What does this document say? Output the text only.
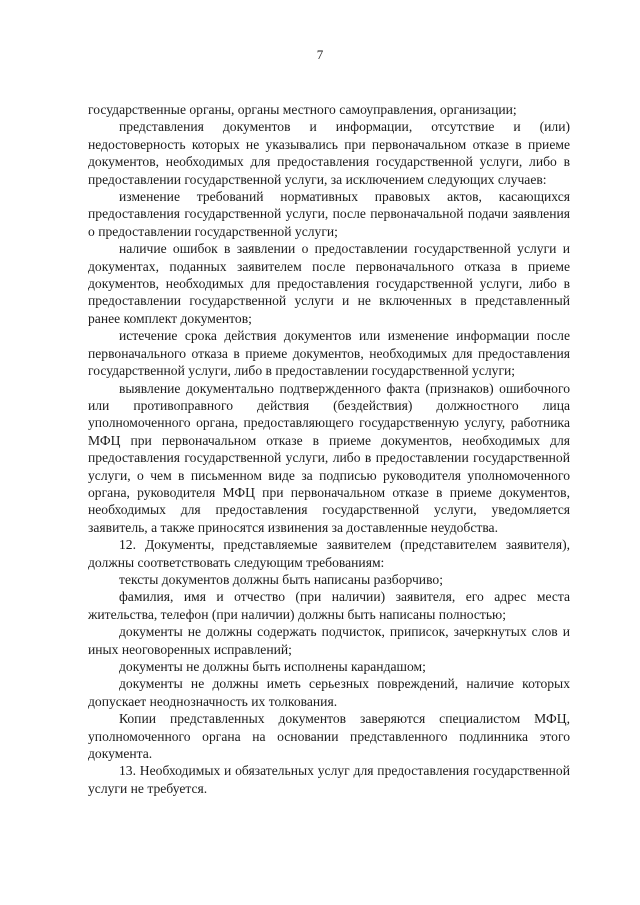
7

государственные органы, органы местного самоуправления, организации;

представления документов и информации, отсутствие и (или) недостоверность которых не указывались при первоначальном отказе в приеме документов, необходимых для предоставления государственной услуги, либо в предоставлении государственной услуги, за исключением следующих случаев:

изменение требований нормативных правовых актов, касающихся предоставления государственной услуги, после первоначальной подачи заявления о предоставлении государственной услуги;

наличие ошибок в заявлении о предоставлении государственной услуги и документах, поданных заявителем после первоначального отказа в приеме документов, необходимых для предоставления государственной услуги, либо в предоставлении государственной услуги и не включенных в представленный ранее комплект документов;

истечение срока действия документов или изменение информации после первоначального отказа в приеме документов, необходимых для предоставления государственной услуги, либо в предоставлении государственной услуги;

выявление документально подтвержденного факта (признаков) ошибочного или противоправного действия (бездействия) должностного лица уполномоченного органа, предоставляющего государственную услугу, работника МФЦ при первоначальном отказе в приеме документов, необходимых для предоставления государственной услуги, либо в предоставлении государственной услуги, о чем в письменном виде за подписью руководителя уполномоченного органа, руководителя МФЦ при первоначальном отказе в приеме документов, необходимых для предоставления государственной услуги, уведомляется заявитель, а также приносятся извинения за доставленные неудобства.

12. Документы, представляемые заявителем (представителем заявителя), должны соответствовать следующим требованиям:

тексты документов должны быть написаны разборчиво;

фамилия, имя и отчество (при наличии) заявителя, его адрес места жительства, телефон (при наличии) должны быть написаны полностью;

документы не должны содержать подчисток, приписок, зачеркнутых слов и иных неоговоренных исправлений;

документы не должны быть исполнены карандашом;

документы не должны иметь серьезных повреждений, наличие которых допускает неоднозначность их толкования.

Копии представленных документов заверяются специалистом МФЦ, уполномоченного органа на основании представленного подлинника этого документа.

13. Необходимых и обязательных услуг для предоставления государственной услуги не требуется.
